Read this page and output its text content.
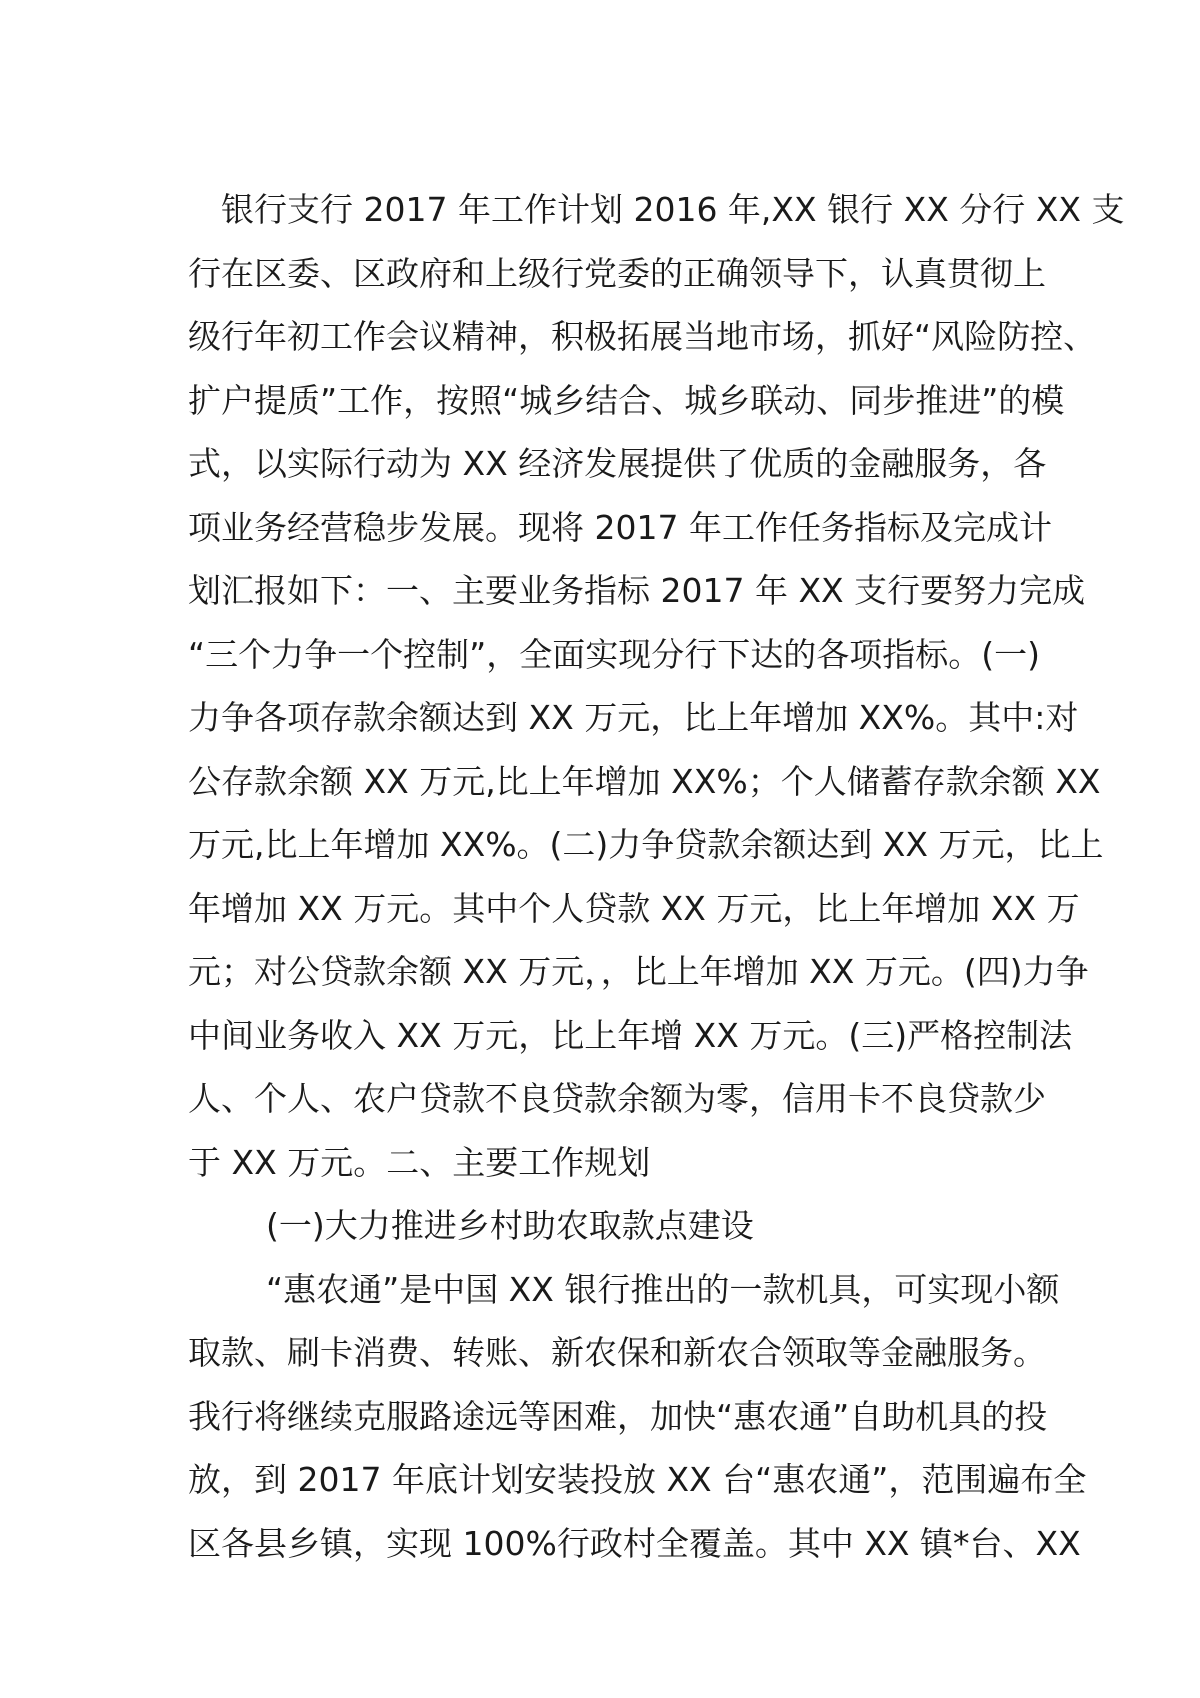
银行支行 2017 年工作计划 2016 年,XX 银行 XX 分行 XX 支
行在区委、区政府和上级行党委的正确领导下，认真贯彻上
级行年初工作会议精神，积极拓展当地市场，抓好“风险防控、
扩户提质”工作，按照“城乡结合、城乡联动、同步推进”的模
式，以实际行动为 XX 经济发展提供了优质的金融服务，各
项业务经营稳步发展。现将 2017 年工作任务指标及完成计
划汇报如下：一、主要业务指标 2017 年 XX 支行要努力完成
“三个力争一个控制”，全面实现分行下达的各项指标。(一)
力争各项存款余额达到 XX 万元，比上年增加 XX%。其中:对
公存款余额 XX 万元,比上年增加 XX%；个人储蓄存款余额 XX
万元,比上年增加 XX%。(二)力争贷款余额达到 XX 万元，比上
年增加 XX 万元。其中个人贷款 XX 万元，比上年增加 XX 万
元；对公贷款余额 XX 万元，，比上年增加 XX 万元。(四)力争
中间业务收入 XX 万元，比上年增 XX 万元。(三)严格控制法
人、个人、农户贷款不良贷款余额为零，信用卡不良贷款少
于 XX 万元。二、主要工作规划
(一)大力推进乡村助农取款点建设
“惠农通”是中国 XX 银行推出的一款机具，可实现小额
取款、刷卡消费、转账、新农保和新农合领取等金融服务。
我行将继续克服路途远等困难，加快“惠农通”自助机具的投
放，到 2017 年底计划安装投放 XX 台“惠农通”，范围遍布全
区各县乡镇，实现 100%行政村全覆盖。其中 XX 镇*台、XX
